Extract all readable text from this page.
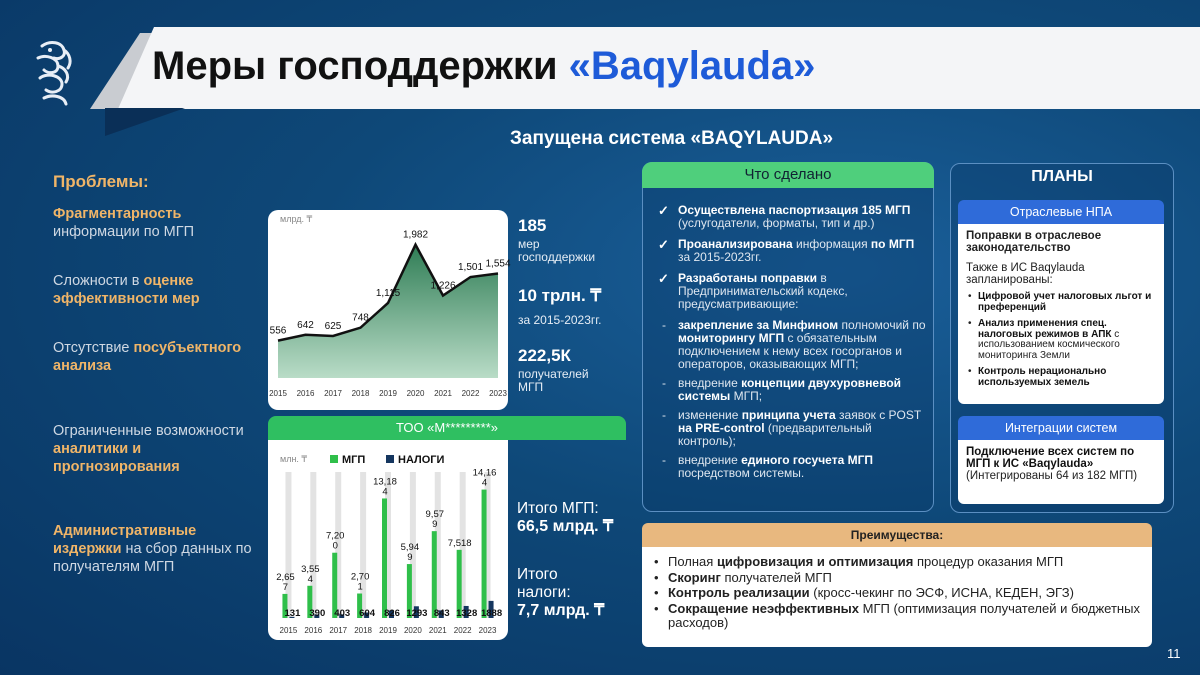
Меры господдержки «Baqylauda»
Запущена система «BAQYLAUDA»
Проблемы:
Фрагментарность информации по МГП
Сложности в оценке эффективности мер
Отсутствие посубъектного анализа
Ограниченные возможности аналитики и прогнозирования
Административные издержки на сбор данных по получателям МГП
млрд. ₸
556
2015
642
2016
625
2017
748
2018
1,115
2019
1,982
2020
1,226
2021
1,501
2022
1,554
2023
185
мер
господдержки
10 трлн. ₸
за 2015-2023гг.
222,5К
получателей
МГП
ТОО «М*********»
млн. ₸	МГП	НАЛОГИ
2,65 7
131
2015
3,55 4
390
2016
7,20 0
403
2017
2,70 1
604
2018
13,18 4
826
2019
5,94 9
1293
2020
9,57 9
843
2021
7,518
1328
2022
14,16 4
1888
2023
Итого МГП:
66,5 млрд. ₸
Итого
налоги:
7,7 млрд. ₸
Что сделано
✓ Осуществлена паспортизация 185 МГП (услугодатели, форматы, тип и др.)
✓ Проанализирована информация по МГП за 2015-2023гг.
✓ Разработаны поправки в Предпринимательский кодекс, предусматривающие:
- закрепление за Минфином полномочий по мониторингу МГП с обязательным подключением к нему всех госорганов и операторов, оказывающих МГП;
- внедрение концепции двухуровневой системы МГП;
- изменение принципа учета заявок с POST на PRE-control (предварительный контроль);
- внедрение единого госучета МГП посредством системы.
ПЛАНЫ
Отраслевые НПА
Поправки в отраслевое законодательство
Также в ИС Baqylauda запланированы:
• Цифровой учет налоговых льгот и преференций
• Анализ применения спец. налоговых режимов в АПК с использованием космического мониторинга Земли
• Контроль нерационально используемых земель
Интеграции систем
Подключение всех систем по МГП к ИС «Baqylauda» (Интегрированы 64 из 182 МГП)
Преимущества:
• Полная цифровизация и оптимизация процедур оказания МГП
• Скоринг получателей МГП
• Контроль реализации (кросс-чекинг по ЭСФ, ИСНА, КЕДЕН, ЭГЗ)
• Сокращение неэффективных МГП (оптимизация получателей и бюджетных расходов)
11
